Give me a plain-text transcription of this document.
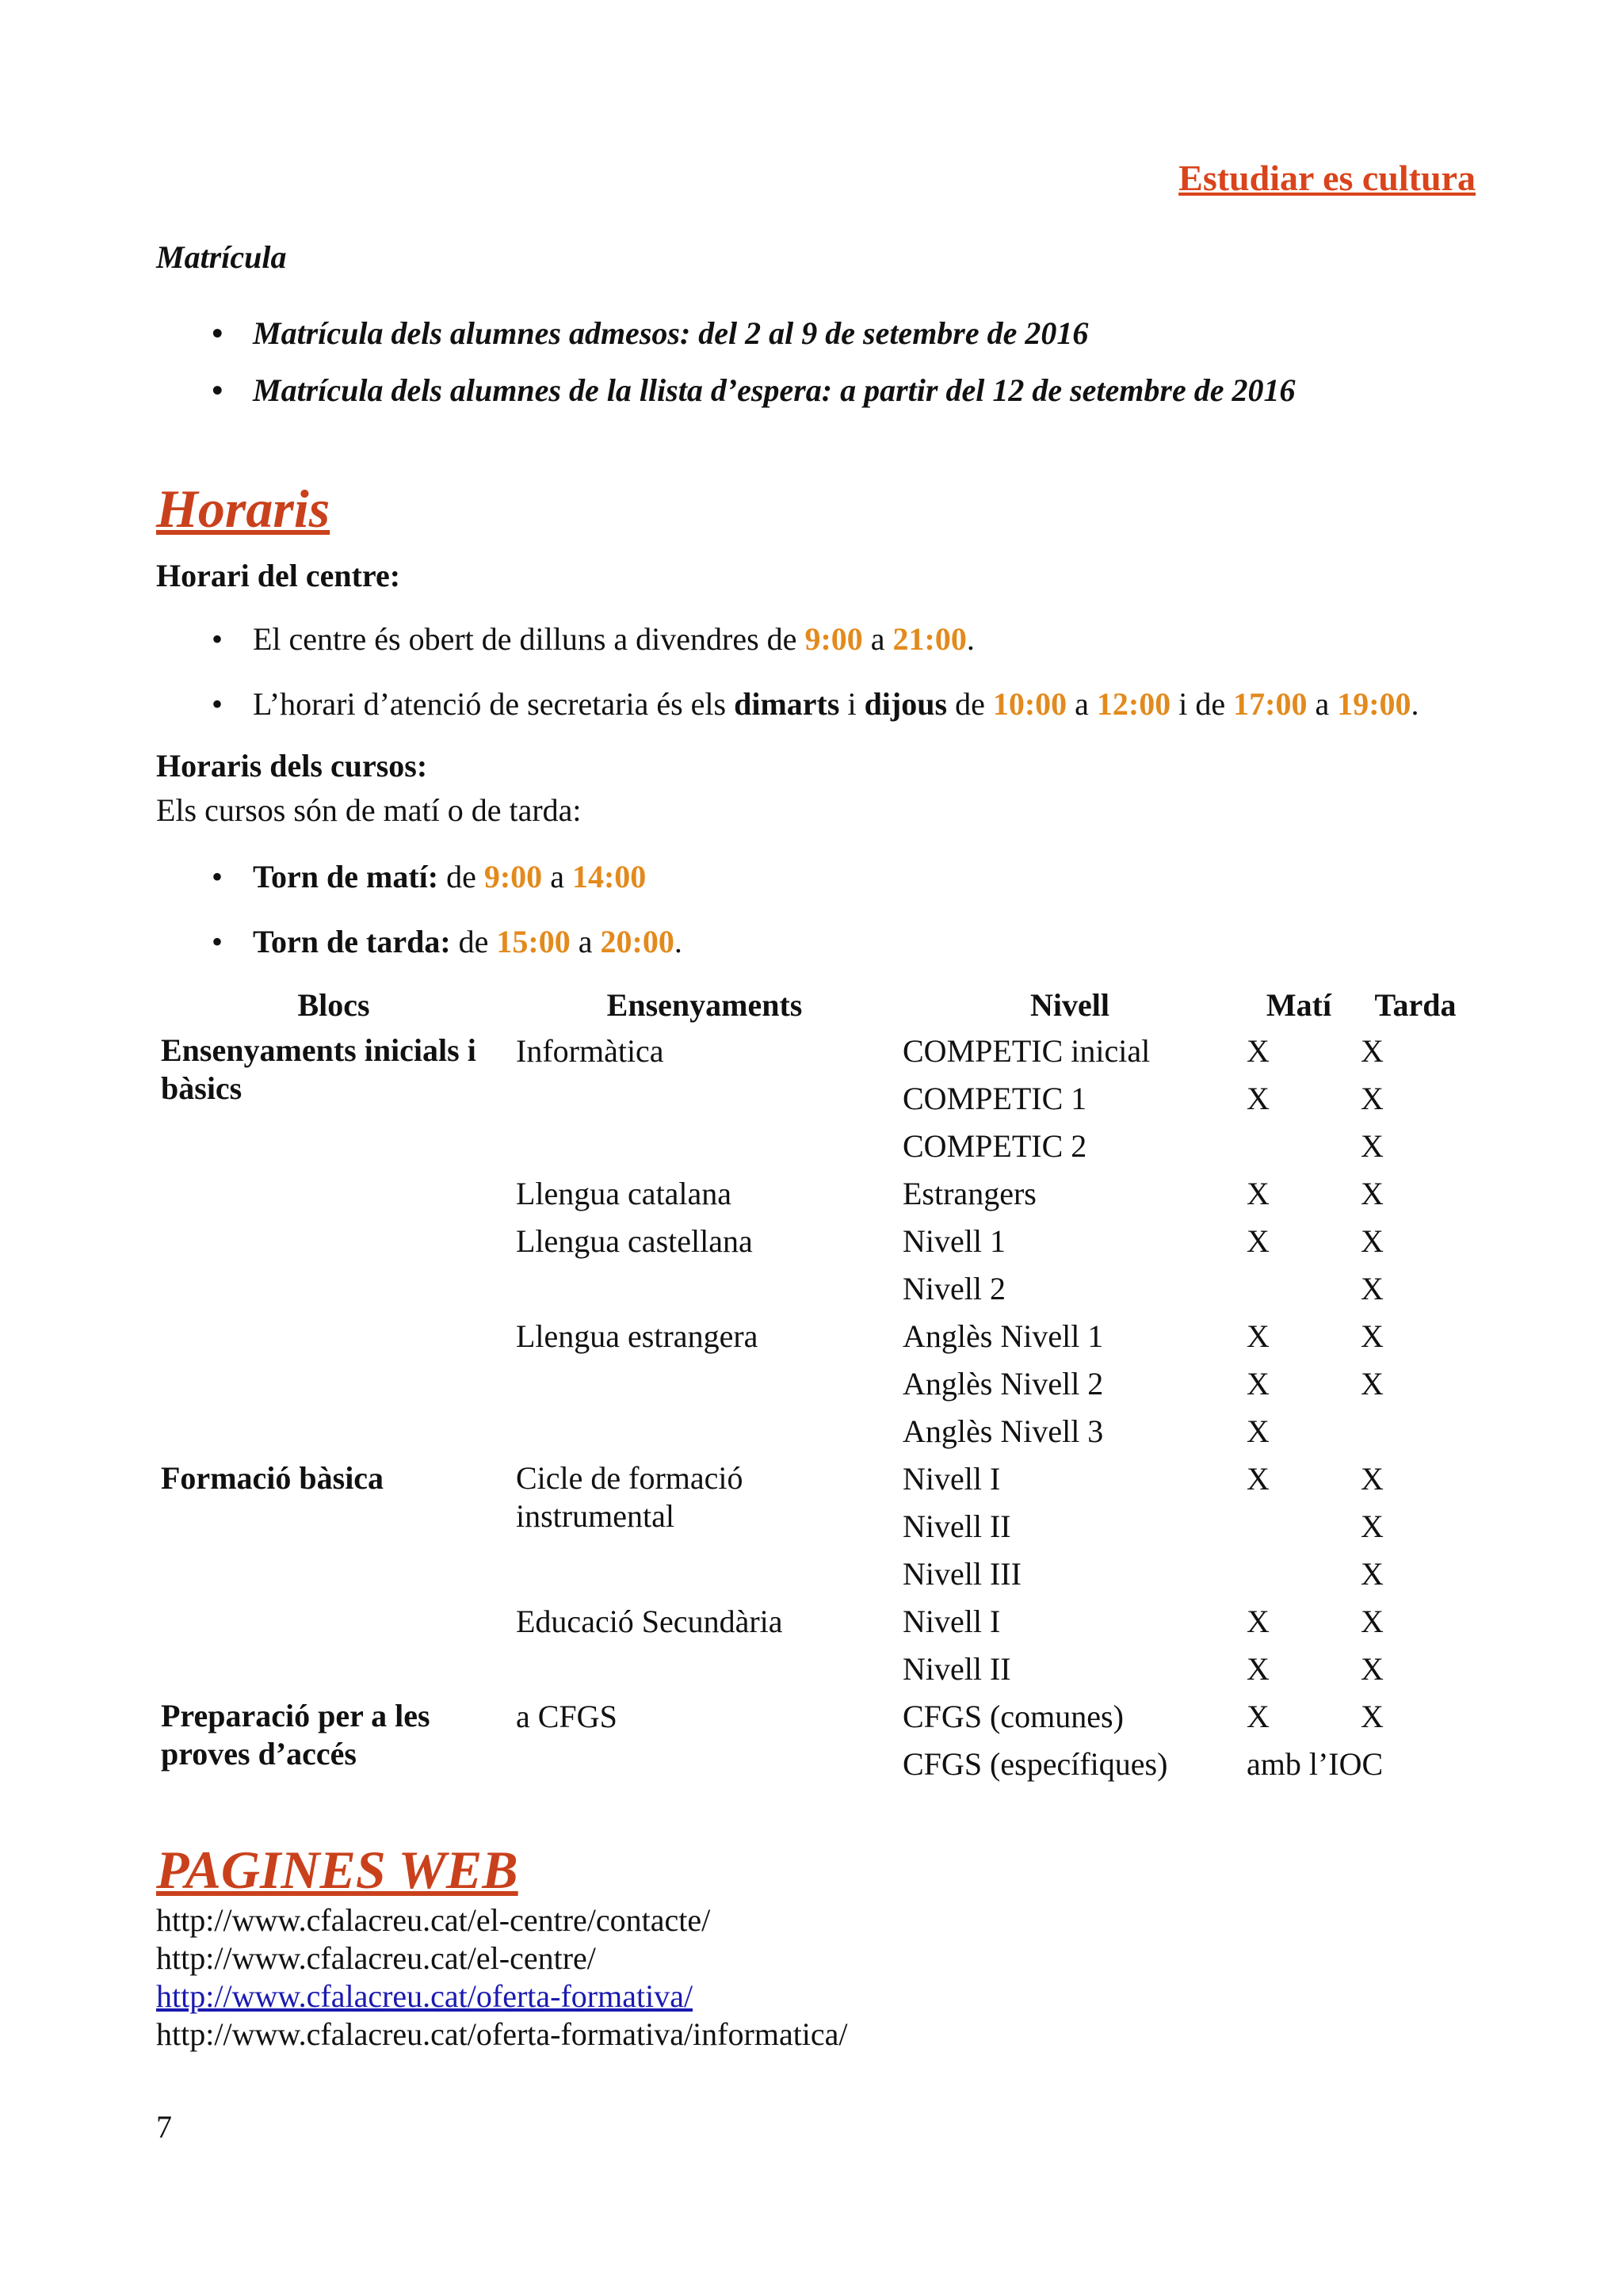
Estudiar es cultura
Matrícula
• Matrícula dels alumnes admesos: del 2 al 9 de setembre de 2016
• Matrícula dels alumnes de la llista d’espera: a partir del 12 de setembre de 2016
Horaris
Horari del centre:
• El centre és obert de dilluns a divendres de 9:00 a 21:00.
• L’horari d’atenció de secretaria és els dimarts i dijous de 10:00 a 12:00 i de 17:00 a 19:00.
Horaris dels cursos:
Els cursos són de matí o de tarda:
• Torn de matí: de 9:00 a 14:00
• Torn de tarda: de 15:00 a 20:00.
Blocs	Ensenyaments	Nivell	Matí	Tarda
Ensenyaments inicials i bàsics	Informàtica	COMPETIC inicial	X	X
		COMPETIC 1	X	X
		COMPETIC 2		X
	Llengua catalana	Estrangers	X	X
	Llengua castellana	Nivell 1	X	X
		Nivell 2		X
	Llengua estrangera	Anglès Nivell 1	X	X
		Anglès Nivell 2	X	X
		Anglès Nivell 3	X	
Formació bàsica	Cicle de formació instrumental	Nivell I	X	X
		Nivell II		X
		Nivell III		X
	Educació Secundària	Nivell I	X	X
		Nivell II	X	X
Preparació per a les proves d’accés	a CFGS	CFGS (comunes)	X	X
		CFGS (específiques)	amb l’IOC	
PAGINES WEB
http://www.cfalacreu.cat/el-centre/contacte/
http://www.cfalacreu.cat/el-centre/
http://www.cfalacreu.cat/oferta-formativa/
http://www.cfalacreu.cat/oferta-formativa/informatica/
7
